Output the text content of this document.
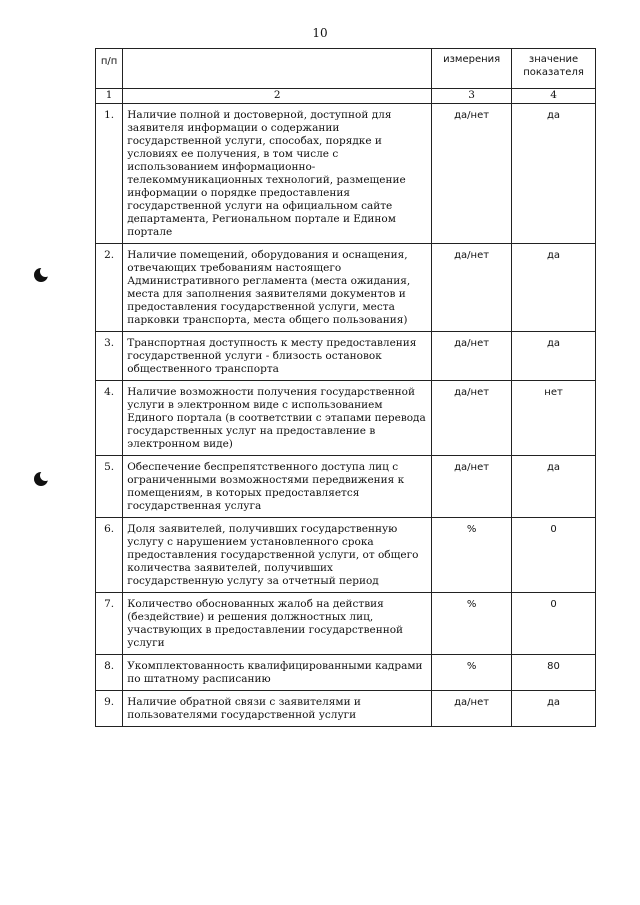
10
п/п		измерения	значение
показателя

1	2	3	4
1.	Наличие полной и достоверной, доступной для заявителя информации о содержании государственной услуги, способах, порядке и условиях ее получения, в том числе с использованием информационно-телекоммуникационных технологий, размещение информации о порядке предоставления государственной услуги на официальном сайте департамента, Региональном портале и Едином портале	да/нет	да
2.	Наличие помещений, оборудования и оснащения, отвечающих требованиям настоящего Административного регламента (места ожидания, места для заполнения заявителями документов и предоставления государственной услуги, места парковки транспорта, места общего пользования)	да/нет	да
3.	Транспортная доступность к месту предоставления государственной услуги - близость остановок общественного транспорта	да/нет	да
4.	Наличие возможности получения государственной услуги в электронном виде с использованием Единого портала (в соответствии с этапами перевода государственных услуг на предоставление в электронном виде)	да/нет	нет
5.	Обеспечение беспрепятственного доступа лиц с ограниченными возможностями передвижения к помещениям, в которых предоставляется государственная услуга	да/нет	да
6.	Доля заявителей, получивших государственную услугу с нарушением установленного срока предоставления государственной услуги, от общего количества заявителей, получивших государственную услугу за отчетный период	%	0
7.	Количество обоснованных жалоб на действия (бездействие) и решения должностных лиц, участвующих в предоставлении государственной услуги	%	0
8.	Укомплектованность квалифицированными кадрами по штатному расписанию	%	80
9.	Наличие обратной связи с заявителями и пользователями государственной услуги	да/нет	да
